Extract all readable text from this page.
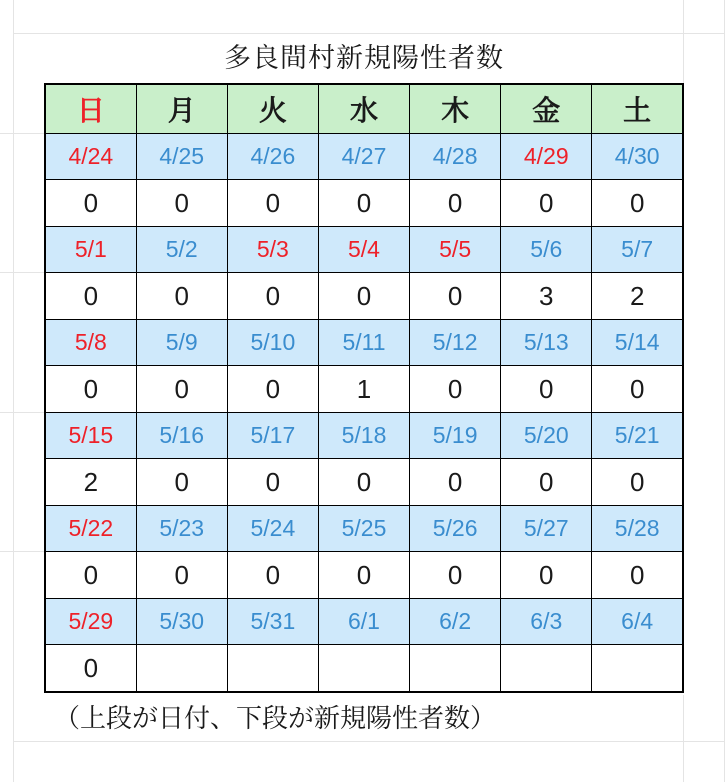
多良間村新規陽性者数
日	月	火	水	木	金	土
4/24	4/25	4/26	4/27	4/28	4/29	4/30
0	0	0	0	0	0	0
5/1	5/2	5/3	5/4	5/5	5/6	5/7
0	0	0	0	0	3	2
5/8	5/9	5/10	5/11	5/12	5/13	5/14
0	0	0	1	0	0	0
5/15	5/16	5/17	5/18	5/19	5/20	5/21
2	0	0	0	0	0	0
5/22	5/23	5/24	5/25	5/26	5/27	5/28
0	0	0	0	0	0	0
5/29	5/30	5/31	6/1	6/2	6/3	6/4
0						
（上段が日付、下段が新規陽性者数）
